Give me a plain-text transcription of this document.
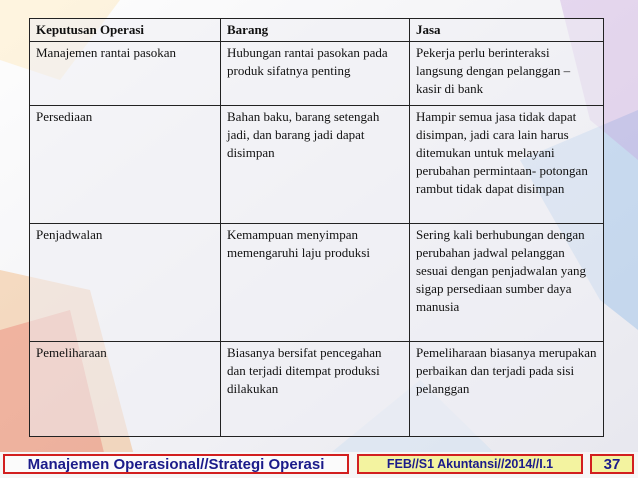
Keputusan Operasi	Barang	Jasa
Manajemen rantai pasokan	Hubungan rantai pasokan pada produk sifatnya penting	Pekerja perlu berinteraksi langsung dengan pelanggan – kasir di bank
Persediaan	Bahan baku, barang setengah jadi, dan barang jadi dapat disimpan	Hampir semua jasa tidak dapat disimpan, jadi cara lain harus ditemukan untuk melayani perubahan permintaan- potongan rambut tidak dapat disimpan
Penjadwalan	Kemampuan menyimpan memengaruhi laju produksi	Sering kali berhubungan dengan perubahan jadwal pelanggan sesuai dengan penjadwalan yang sigap persediaan sumber daya manusia
Pemeliharaan	Biasanya bersifat pencegahan dan terjadi ditempat produksi dilakukan	Pemeliharaan biasanya merupakan perbaikan dan terjadi pada sisi pelanggan
Manajemen Operasional//Strategi Operasi	FEB//S1 Akuntansi//2014//I.1	37
